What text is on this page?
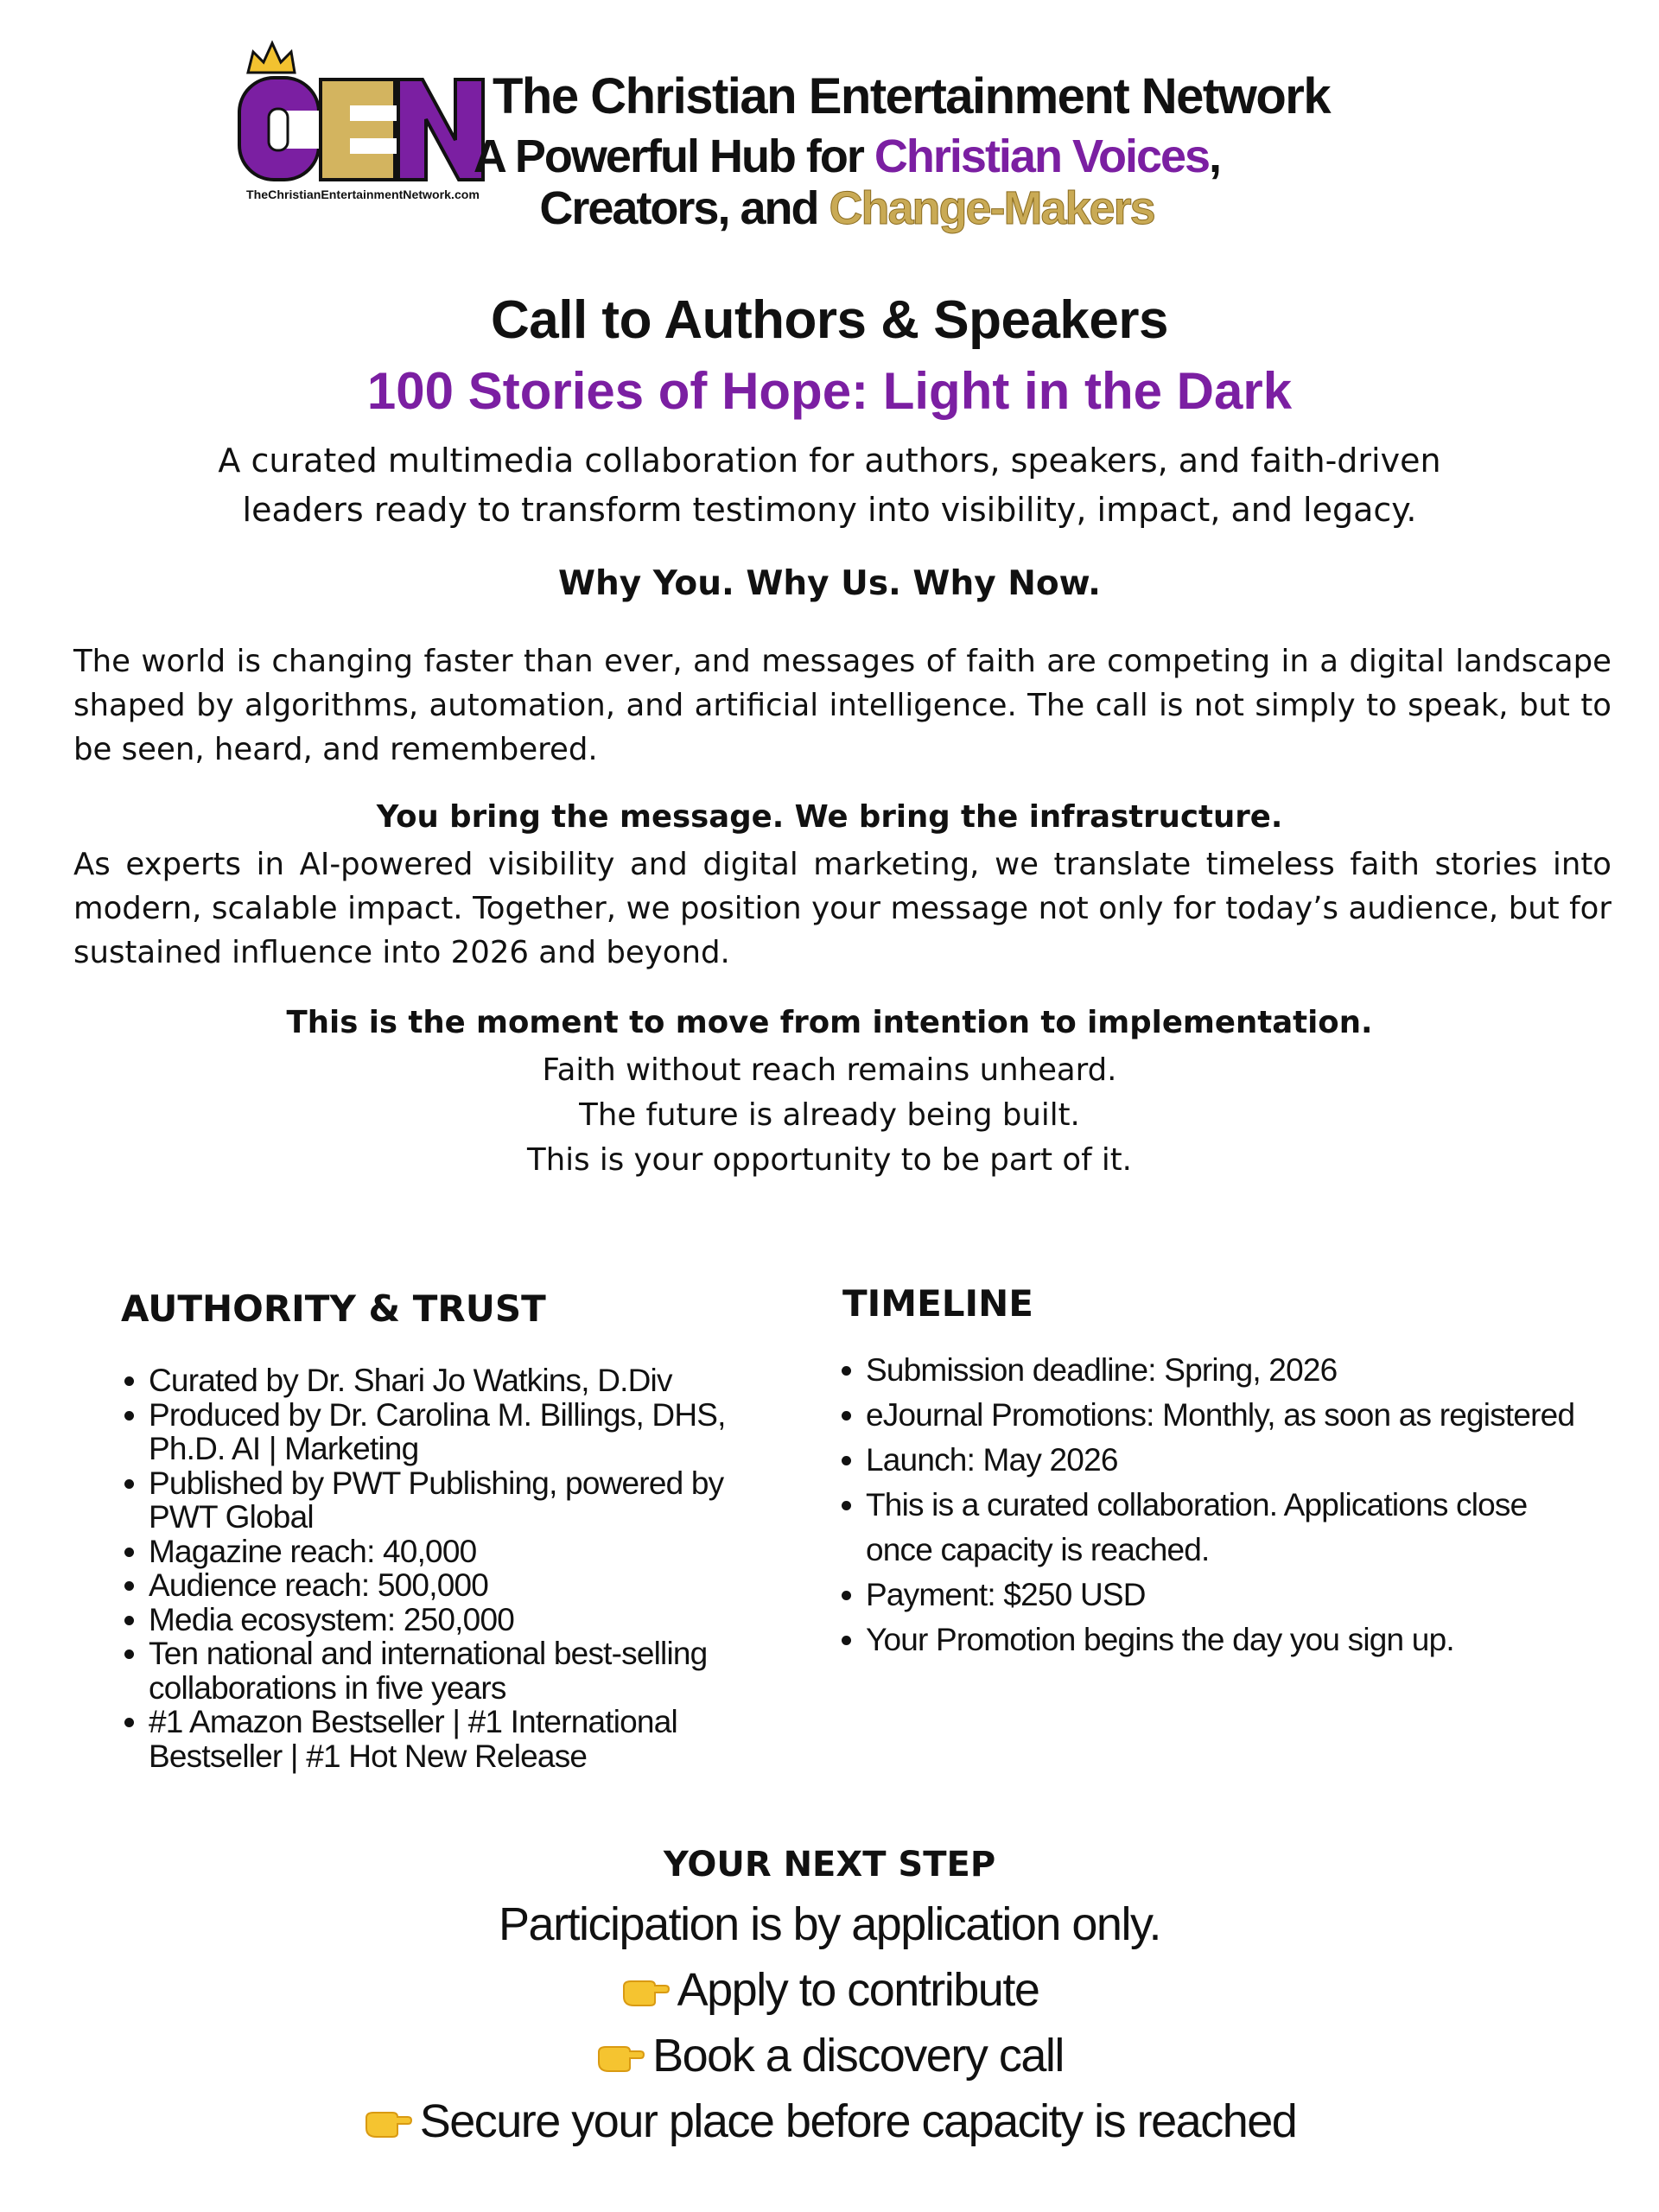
TheChristianEntertainmentNetwork.com
The Christian Entertainment Network
A Powerful Hub for Christian Voices,
Creators, and Change-Makers
Call to Authors & Speakers
100 Stories of Hope: Light in the Dark
A curated multimedia collaboration for authors, speakers, and faith-driven leaders ready to transform testimony into visibility, impact, and legacy.
Why You. Why Us. Why Now.
The world is changing faster than ever, and messages of faith are competing in a digital landscape shaped by algorithms, automation, and artificial intelligence. The call is not simply to speak, but to be seen, heard, and remembered.
You bring the message. We bring the infrastructure.
As experts in AI-powered visibility and digital marketing, we translate timeless faith stories into modern, scalable impact. Together, we position your message not only for today’s audience, but for sustained influence into 2026 and beyond.
This is the moment to move from intention to implementation.
Faith without reach remains unheard.
The future is already being built.
This is your opportunity to be part of it.
AUTHORITY & TRUST
Curated by Dr. Shari Jo Watkins, D.Div
Produced by Dr. Carolina M. Billings, DHS, Ph.D. AI | Marketing
Published by PWT Publishing, powered by PWT Global
Magazine reach: 40,000
Audience reach: 500,000
Media ecosystem: 250,000
Ten national and international best-selling collaborations in five years
#1 Amazon Bestseller | #1 International Bestseller | #1 Hot New Release
TIMELINE
Submission deadline: Spring, 2026
eJournal Promotions: Monthly, as soon as registered
Launch: May 2026
This is a curated collaboration. Applications close once capacity is reached.
Payment: $250 USD
Your Promotion begins the day you sign up.
YOUR NEXT STEP
Participation is by application only.
Apply to contribute
Book a discovery call
Secure your place before capacity is reached
